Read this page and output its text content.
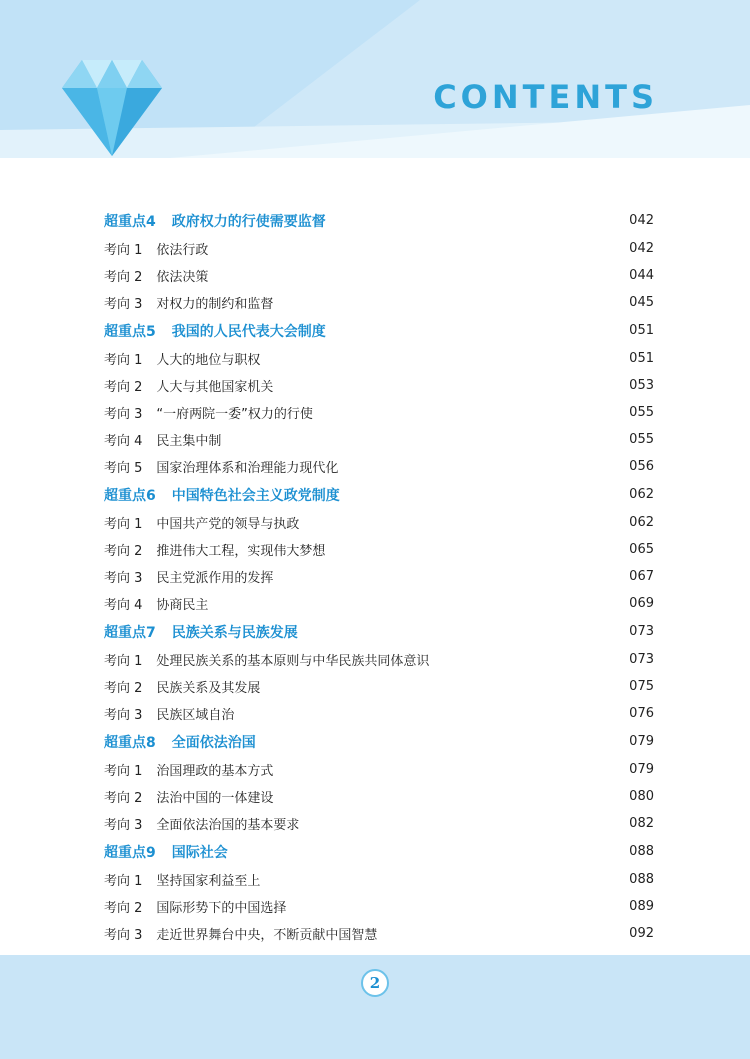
CONTENTS
超重点4 政府权力的行使需要监督	042
考向 1 依法行政	042
考向 2 依法决策	044
考向 3 对权力的制约和监督	045
超重点5 我国的人民代表大会制度	051
考向 1 人大的地位与职权	051
考向 2 人大与其他国家机关	053
考向 3 “一府两院一委”权力的行使	055
考向 4 民主集中制	055
考向 5 国家治理体系和治理能力现代化	056
超重点6 中国特色社会主义政党制度	062
考向 1 中国共产党的领导与执政	062
考向 2 推进伟大工程，实现伟大梦想	065
考向 3 民主党派作用的发挥	067
考向 4 协商民主	069
超重点7 民族关系与民族发展	073
考向 1 处理民族关系的基本原则与中华民族共同体意识	073
考向 2 民族关系及其发展	075
考向 3 民族区域自治	076
超重点8 全面依法治国	079
考向 1 治国理政的基本方式	079
考向 2 法治中国的一体建设	080
考向 3 全面依法治国的基本要求	082
超重点9 国际社会	088
考向 1 坚持国家利益至上	088
考向 2 国际形势下的中国选择	089
考向 3 走近世界舞台中央，不断贡献中国智慧	092
2
